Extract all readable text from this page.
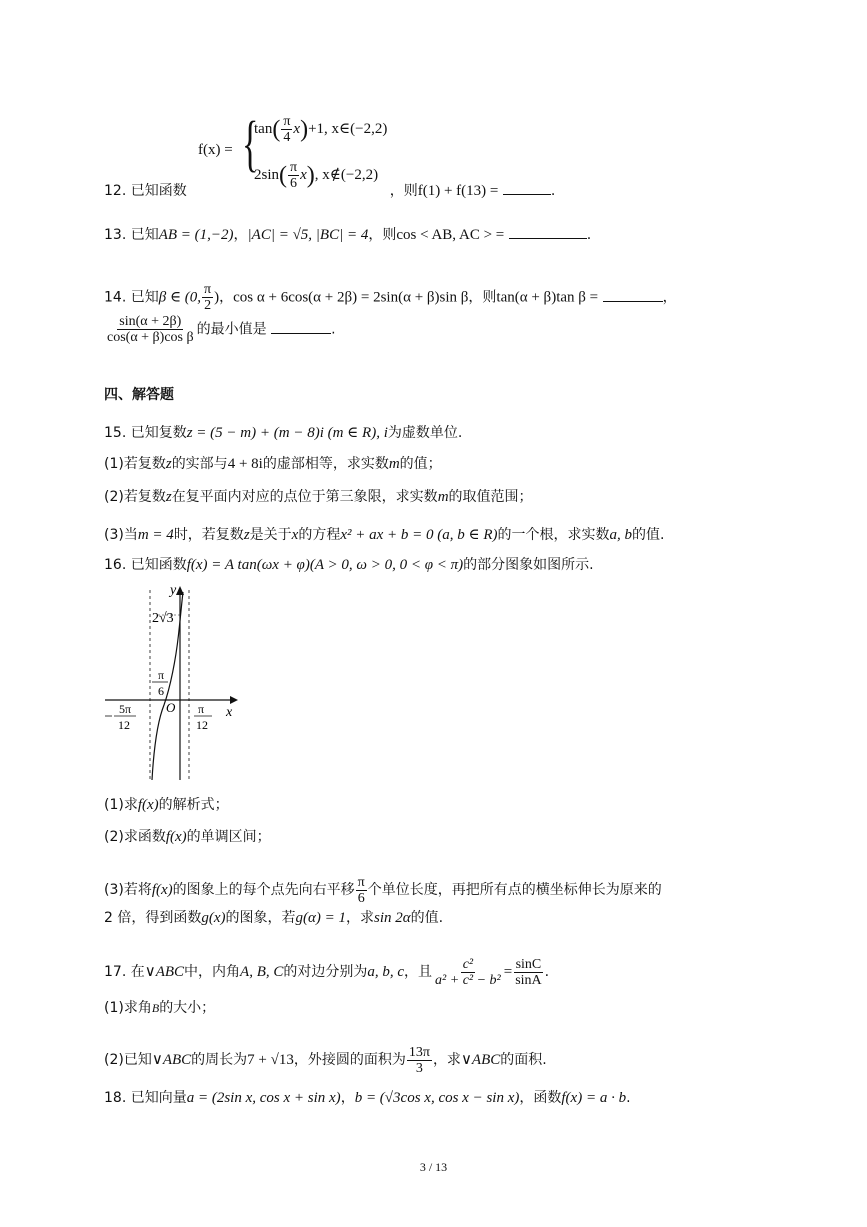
f(x) = {
$\tan( \frac{\pi}{4} x)+1$, x∈(−2,2)
$2\sin( \frac{\pi}{6} x)$, x∉(−2,2)
12. 已知函数	，则f(1) + f(13) =	.
13. 已知AB = (1,−2)，|AC| = √5, |BC| = 4，则cos < AB, AC > =	.
14. 已知β ∈ (0, $\frac{\pi}{2}$ )，cos α + 6cos(α + 2β) = 2sin(α + β)sin β，则tan(α + β)tan β =	，
$\frac{\sin(\alpha + 2\beta)}{\text{cos(α + β)cos β}}$ 的最小值是	.
四、解答题
15. 已知复数z = (5 − m) + (m − 8)i (m ∈ R), i为虚数单位.
(1)若复数z的实部与4 + 8i的虚部相等，求实数m的值；
(2)若复数z在复平面内对应的点位于第三象限，求实数m的取值范围；
(3)当m = 4时，若复数z是关于x的方程x² + ax + b = 0 (a, b ∈ R)的一个根，求实数a, b的值.
16. 已知函数f(x) = A tan(ωx + φ)(A > 0, ω > 0, 0 < φ < π)的部分图象如图所示.
y
x
O
2√3
π
6
5π
12
π
12
(1)求f(x)的解析式；
(2)求函数f(x)的单调区间；
(3)若将f(x)的图象上的每个点先向右平移 $\frac{\pi}{6}$ 个单位长度，再把所有点的横坐标伸长为原来的
2 倍，得到函数g(x)的图象，若g(α) = 1，求sin 2α的值.
17. 在∨ABC中，内角A, B, C的对边分别为a, b, c，且 $\frac{\text{c²}}{\text{a² + c² − b²}} = \frac{\sin C}{\sin A}$ .
(1)求角B的大小；
(2)已知∨ABC的周长为7 + √13，外接圆的面积为 $\frac{13\pi}{3}$ ，求∨ABC的面积.
18. 已知向量a = (2sin x, cos x + sin x)，b = (√3cos x, cos x − sin x)，函数f(x) = a · b.
3 / 13
